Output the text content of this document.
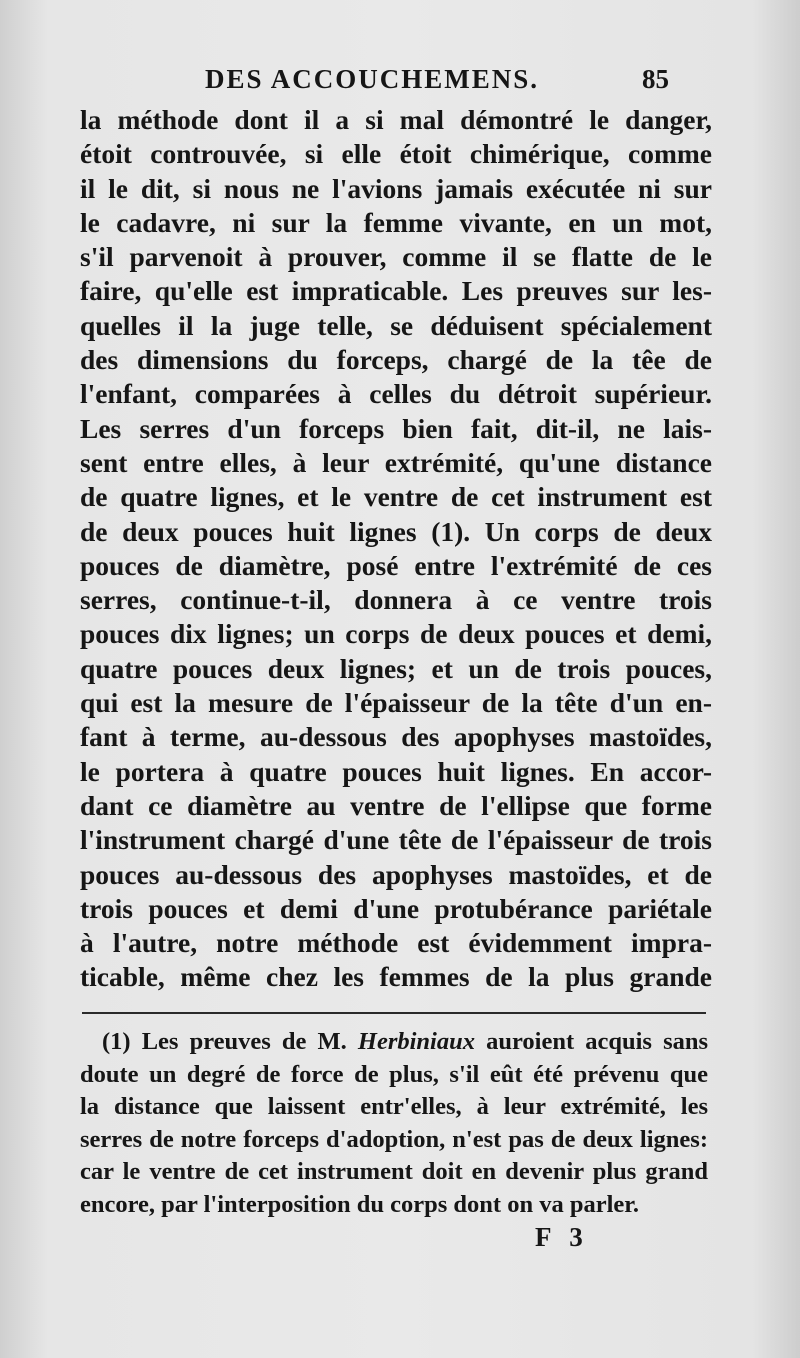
DES ACCOUCHEMENS.	85
la méthode dont il a si mal démontré le danger,
étoit controuvée, si elle étoit chimérique, comme
il le dit, si nous ne l'avions jamais exécutée ni sur
le cadavre, ni sur la femme vivante, en un mot,
s'il parvenoit à prouver, comme il se flatte de le
faire, qu'elle est impraticable. Les preuves sur les-
quelles il la juge telle, se déduisent spécialement
des dimensions du forceps, chargé de la têe de
l'enfant, comparées à celles du détroit supérieur.
Les serres d'un forceps bien fait, dit-il, ne lais-
sent entre elles, à leur extrémité, qu'une distance
de quatre lignes, et le ventre de cet instrument est
de deux pouces huit lignes (1). Un corps de deux
pouces de diamètre, posé entre l'extrémité de ces
serres, continue-t-il, donnera à ce ventre trois
pouces dix lignes; un corps de deux pouces et demi,
quatre pouces deux lignes; et un de trois pouces,
qui est la mesure de l'épaisseur de la tête d'un en-
fant à terme, au-dessous des apophyses mastoïdes,
le portera à quatre pouces huit lignes. En accor-
dant ce diamètre au ventre de l'ellipse que forme
l'instrument chargé d'une tête de l'épaisseur de trois
pouces au-dessous des apophyses mastoïdes, et de
trois pouces et demi d'une protubérance pariétale
à l'autre, notre méthode est évidemment impra-
ticable, même chez les femmes de la plus grande
(1) Les preuves de M. Herbiniaux auroient acquis sans
doute un degré de force de plus, s'il eût été prévenu que
la distance que laissent entr'elles, à leur extrémité, les
serres de notre forceps d'adoption, n'est pas de deux lignes:
car le ventre de cet instrument doit en devenir plus grand
encore, par l'interposition du corps dont on va parler.
F 3
